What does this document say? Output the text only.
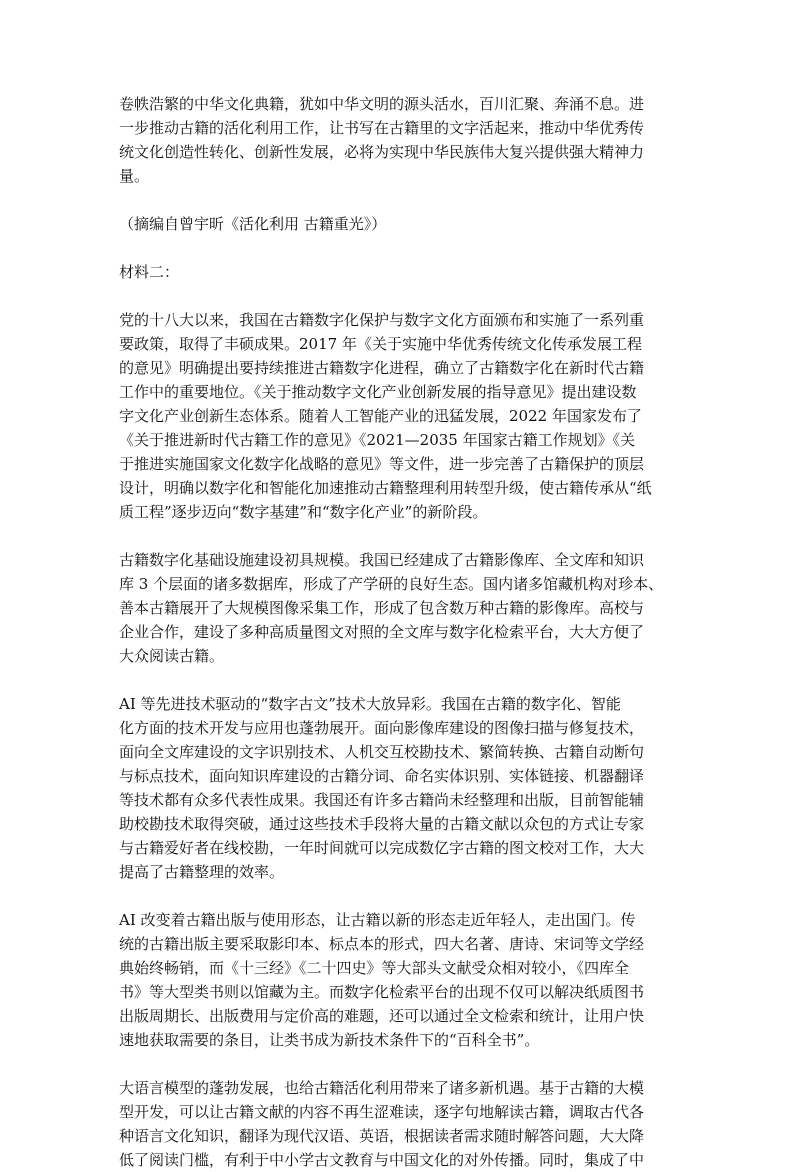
卷帙浩繁的中华文化典籍，犹如中华文明的源头活水，百川汇聚、奔涌不息。进
一步推动古籍的活化利用工作，让书写在古籍里的文字活起来，推动中华优秀传
统文化创造性转化、创新性发展，必将为实现中华民族伟大复兴提供强大精神力
量。
（摘编自曾宇昕《活化利用 古籍重光》）
材料二：
党的十八大以来，我国在古籍数字化保护与数字文化方面颁布和实施了一系列重
要政策，取得了丰硕成果。2017 年《关于实施中华优秀传统文化传承发展工程
的意见》明确提出要持续推进古籍数字化进程，确立了古籍数字化在新时代古籍
工作中的重要地位。《关于推动数字文化产业创新发展的指导意见》提出建设数
字文化产业创新生态体系。随着人工智能产业的迅猛发展，2022 年国家发布了
《关于推进新时代古籍工作的意见》《2021—2035 年国家古籍工作规划》《关
于推进实施国家文化数字化战略的意见》等文件，进一步完善了古籍保护的顶层
设计，明确以数字化和智能化加速推动古籍整理利用转型升级，使古籍传承从“纸
质工程”逐步迈向“数字基建”和“数字化产业”的新阶段。
古籍数字化基础设施建设初具规模。我国已经建成了古籍影像库、全文库和知识
库 3 个层面的诸多数据库，形成了产学研的良好生态。国内诸多馆藏机构对珍本、
善本古籍展开了大规模图像采集工作，形成了包含数万种古籍的影像库。高校与
企业合作，建设了多种高质量图文对照的全文库与数字化检索平台，大大方便了
大众阅读古籍。
AI 等先进技术驱动的“数字古文”技术大放异彩。我国在古籍的数字化、智能
化方面的技术开发与应用也蓬勃展开。面向影像库建设的图像扫描与修复技术，
面向全文库建设的文字识别技术、人机交互校勘技术、繁简转换、古籍自动断句
与标点技术，面向知识库建设的古籍分词、命名实体识别、实体链接、机器翻译
等技术都有众多代表性成果。我国还有许多古籍尚未经整理和出版，目前智能辅
助校勘技术取得突破，通过这些技术手段将大量的古籍文献以众包的方式让专家
与古籍爱好者在线校勘，一年时间就可以完成数亿字古籍的图文校对工作，大大
提高了古籍整理的效率。
AI 改变着古籍出版与使用形态，让古籍以新的形态走近年轻人，走出国门。传
统的古籍出版主要采取影印本、标点本的形式，四大名著、唐诗、宋词等文学经
典始终畅销，而《十三经》《二十四史》等大部头文献受众相对较小，《四库全
书》等大型类书则以馆藏为主。而数字化检索平台的出现不仅可以解决纸质图书
出版周期长、出版费用与定价高的难题，还可以通过全文检索和统计，让用户快
速地获取需要的条目，让类书成为新技术条件下的“百科全书”。
大语言模型的蓬勃发展，也给古籍活化利用带来了诸多新机遇。基于古籍的大模
型开发，可以让古籍文献的内容不再生涩难读，逐字句地解读古籍，调取古代各
种语言文化知识，翻译为现代汉语、英语，根据读者需求随时解答问题，大大降
低了阅读门槛，有利于中小学古文教育与中国文化的对外传播。同时，集成了中
